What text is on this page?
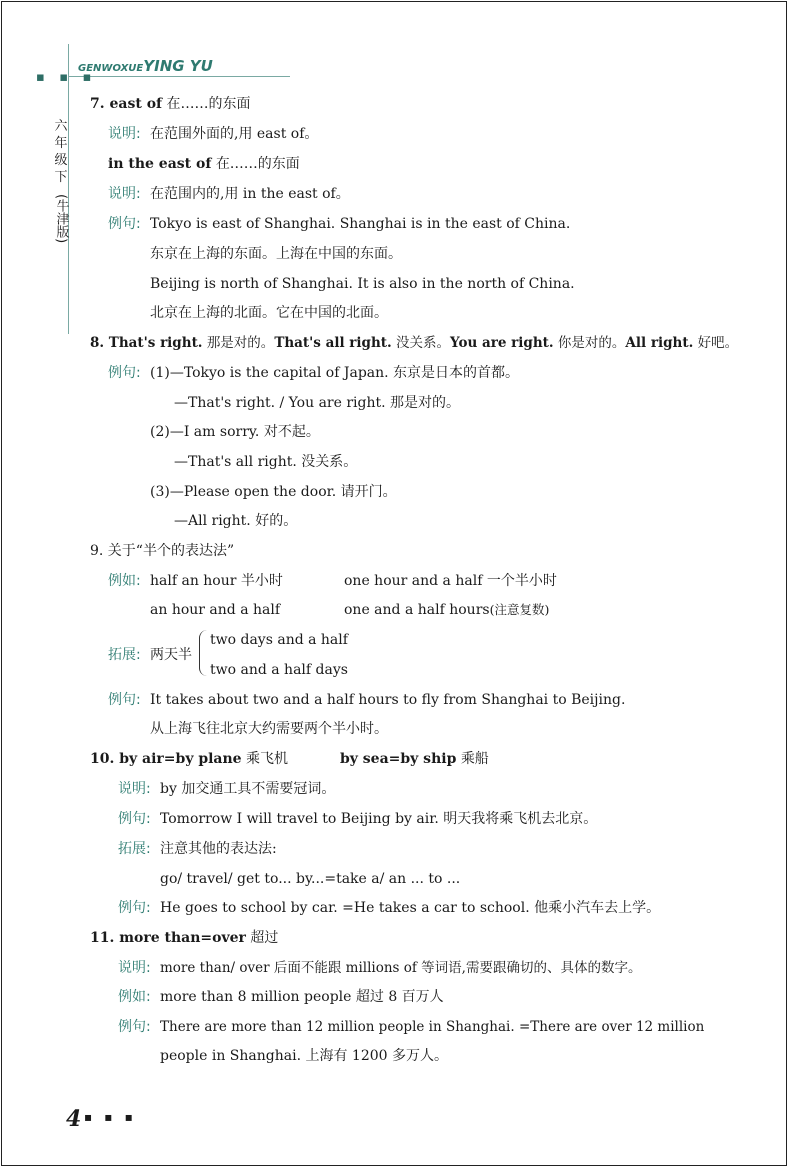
▪ ▪ ▪
GENWOXUEYING YU
六
年
级
下
(牛津版)
7. east of 在……的东面
说明: 在范围外面的,用 east of。
in the east of 在……的东面
说明: 在范围内的,用 in the east of。
例句: Tokyo is east of Shanghai. Shanghai is in the east of China.
东京在上海的东面。上海在中国的东面。
Beijing is north of Shanghai. It is also in the north of China.
北京在上海的北面。它在中国的北面。
8. That's right. 那是对的。That's all right. 没关系。You are right. 你是对的。All right. 好吧。
例句: (1)—Tokyo is the capital of Japan. 东京是日本的首都。
—That's right. / You are right. 那是对的。
(2)—I am sorry. 对不起。
—That's all right. 没关系。
(3)—Please open the door. 请开门。
—All right. 好的。
9. 关于“半个的表达法”
例如: half an hour 半小时	one hour and a half 一个半小时
an hour and a half	one and a half hours(注意复数)
拓展: 两天半
two days and a half
two and a half days
例句: It takes about two and a half hours to fly from Shanghai to Beijing.
从上海飞往北京大约需要两个半小时。
10. by air=by plane 乘飞机	by sea=by ship 乘船
说明: by 加交通工具不需要冠词。
例句: Tomorrow I will travel to Beijing by air. 明天我将乘飞机去北京。
拓展: 注意其他的表达法:
go/ travel/ get to... by...=take a/ an ... to ...
例句: He goes to school by car. =He takes a car to school. 他乘小汽车去上学。
11. more than=over 超过
说明: more than/ over 后面不能跟 millions of 等词语,需要跟确切的、具体的数字。
例如: more than 8 million people 超过 8 百万人
例句: There are more than 12 million people in Shanghai. =There are over 12 million
people in Shanghai. 上海有 1200 多万人。
4 ▪ ▪ ▪
